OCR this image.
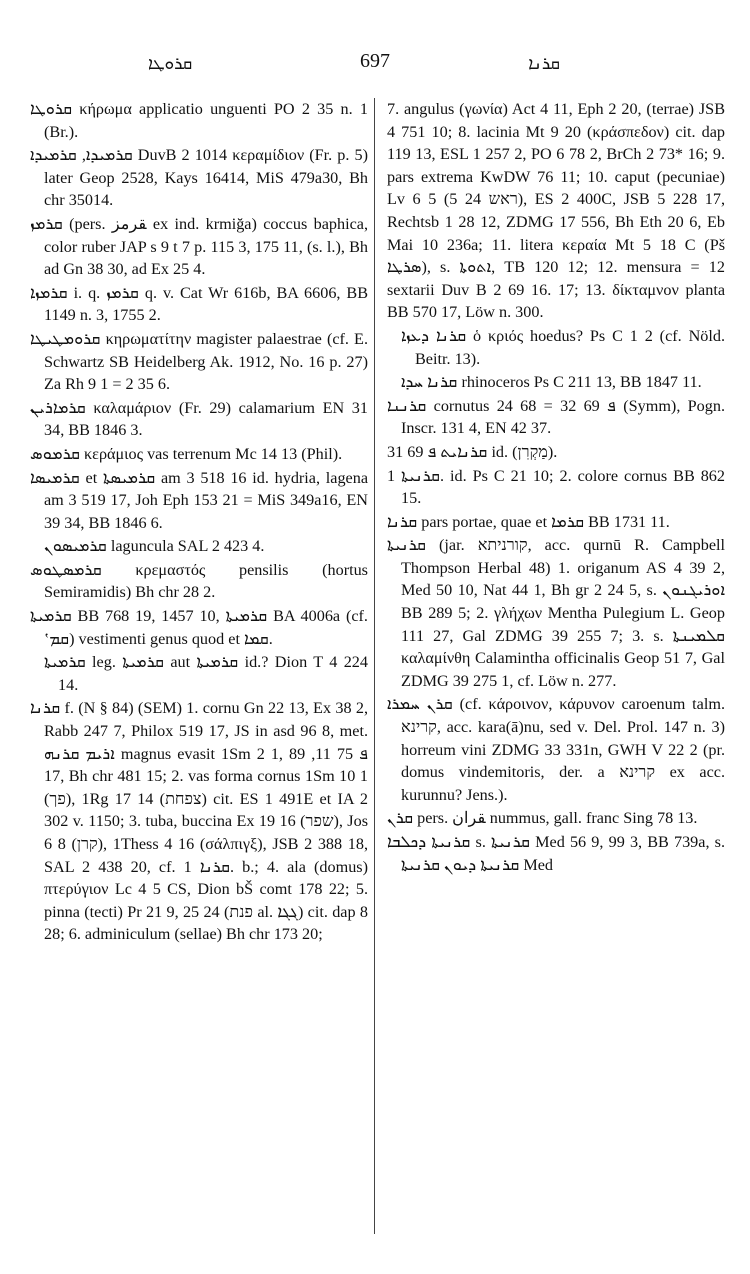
ܩܪܘܛܐ	697	ܩܪܢܐ

ܩܪܘܛܐ κήρωμα applicatio unguenti PO 2 35 n. 1 (Br.).

ܩܪܡܝܕܐ, ܩܪܡܝܕܐ DuvB 2 1014 κεραμίδιον (Fr. p. 5) later Geop 2528, Kays 16414, MiS 479a30, Bh chr 35014.

ܩܪܡܙ (pers. ‍قرمز ex ind. krmiğa) coccus baphica, color ruber JAP s 9 t 7 p. 115 3, 175 11, (s. l.), Bh ad Gn 38 30, ad Ex 25 4.

ܩܪܡܙܐ i. q. ܩܪܡܙ q. v. Cat Wr 616b, BA 6606, BB 1149 n. 3, 1755 2.

ܩܪܘܡܛܝܛܐ κηρωματίτην magister palaestrae (cf. E. Schwartz SB Heidelberg Ak. 1912, No. 16 p. 27) Za Rh 9 1 = 2 35 6.

ܩܪܡܐܪܝܢ καλαμάριον (Fr. 29) calamarium EN 31 34, BB 1846 3.

ܩܪܡܘܣ κεράμιος vas terrenum Mc 14 13 (Phil).

ܩܪܡܝܣܐ et ܩܪܡܝܣܬܐ am 3 518 16 id. hydria, lagena am 3 519 17, Joh Eph 153 21 = MiS 349a16, EN 39 34, BB 1846 6.

ܩܪܡܝܣܘܢ laguncula SAL 2 423 4.

ܩܪܡܣܛܘܣ κρεμαστός pensilis (hortus Semiramidis) Bh chr 28 2.

ܩܪܡܝܬܐ BB 768 19, 1457 10, ܩܪܡܝܬܐ BA 4006a (cf. ‛ܩܡ) vestimenti genus quod et ܩܡܐ.

ܩܪܡܝܬܐ leg. ܩܪܡܝܬܐ aut ܩܪܡܝܬܐ id.? Dion T 4 224 14.

ܩܪܢܐ f. (N § 84) (SEM) 1. cornu Gn 22 13, Ex 38 2, Rabb 247 7, Philox 519 17, JS in asd 96 8, met. ܐܪܝܡ ܩܪܢܗ magnus evasit 1Sm 2 1, ܦ 75 11, 89 17, Bh chr 481 15; 2. vas forma cornus 1Sm 10 1 (פך), 1Rg 17 14 (צפחת) cit. ES 1 491E et IA 2 302 v. 1150; 3. tuba, buccina Ex 19 16 (שפר), Jos 6 8 (קרן), 1Thess 4 16 (σάλπιγξ), JSB 2 388 18, SAL 2 438 20, cf. ܩܪܢܐ 1. b.; 4. ala (domus) πτερύγιον Lc 4 5 CS, Dion bŠ comt 178 22; 5. pinna (tecti) Pr 21 9, 25 24 (פנת al. ܓܓܐ) cit. dap 8 28; 6. adminiculum (sellae) Bh chr 173 20;

7. angulus (γωνία) Act 4 11, Eph 2 20, (terrae) JSB 4 751 10; 8. lacinia Mt 9 20 (κράσπεδον) cit. dap 119 13, ESL 1 257 2, PO 6 78 2, BrCh 2 73* 16; 9. pars extrema KwDW 76 11; 10. caput (pecuniae) Lv 6 5 (5 24 ראש), ES 2 400C, JSB 5 228 17, Rechtsb 1 28 12, ZDMG 17 556, Bh Eth 20 6, Eb Mai 10 236a; 11. litera κεραία Mt 5 18 C (Pš ܣܪܛܐ), s. ܐܬܘܬܐ, TB 120 12; 12. mensura = 12 sextarii Duv B 2 69 16. 17; 13. δίκταμνον planta BB 570 17, Löw n. 300.

ܩܪܢܐ ܕܥܙܐ ὁ κριός hoedus? Ps C 1 2 (cf. Nöld. Beitr. 13).

ܩܪܢܐ ܚܕܐ rhinoceros Ps C 211 13, BB 1847 11.

ܩܪܢܢܐ cornutus ܦ 69 32 = 68 24 (Symm), Pogn. Inscr. 131 4, EN 42 37.

ܩܪܢܐܝܬ ܦ 69 31 id. (מַקְרִן).

ܩܪܢܝܬܐ 1. id. Ps C 21 10; 2. colore cornus BB 862 15.

ܩܪܢܐ pars portae, quae et ܩܪܡܐ BB 1731 11.

ܩܪܢܝܬܐ (jar. קורניתא, acc. qurnū R. Campbell Thompson Herbal 48) 1. origanum AS 4 39 2, Med 50 10, Nat 44 1, Bh gr 2 24 5, s. ܐܘܪܝܓܢܘܢ BB 289 5; 2. γλήχων Mentha Pulegium L. Geop 111 27, Gal ZDMG 39 255 7; 3. s. ܩܠܡܝܢܬܐ καλαμίνθη Calamintha officinalis Geop 51 7, Gal ZDMG 39 275 1, cf. Löw n. 277.

ܩܪܢ ܚܡܪܐ (cf. κάροινον, κάρυνον caroenum talm. קרינא, acc. kara(ā)nu, sed v. Del. Prol. 147 n. 3) horreum vini ZDMG 33 331n, GWH V 22 2 (pr. domus vindemitoris, der. a קרינא ex acc. kurunnu? Jens.).

ܩܪܢ pers. ‍قران nummus, gall. franc Sing 78 13.

ܩܪܢܝܬܐ ܕܟܠܒܐ s. ܩܪܢܝܬܐ Med 56 9, 99 3, BB 739a, s. ܩܪܢܝܬܐ ܕܝܘܢ ܩܪܢܝܬܐ Med
